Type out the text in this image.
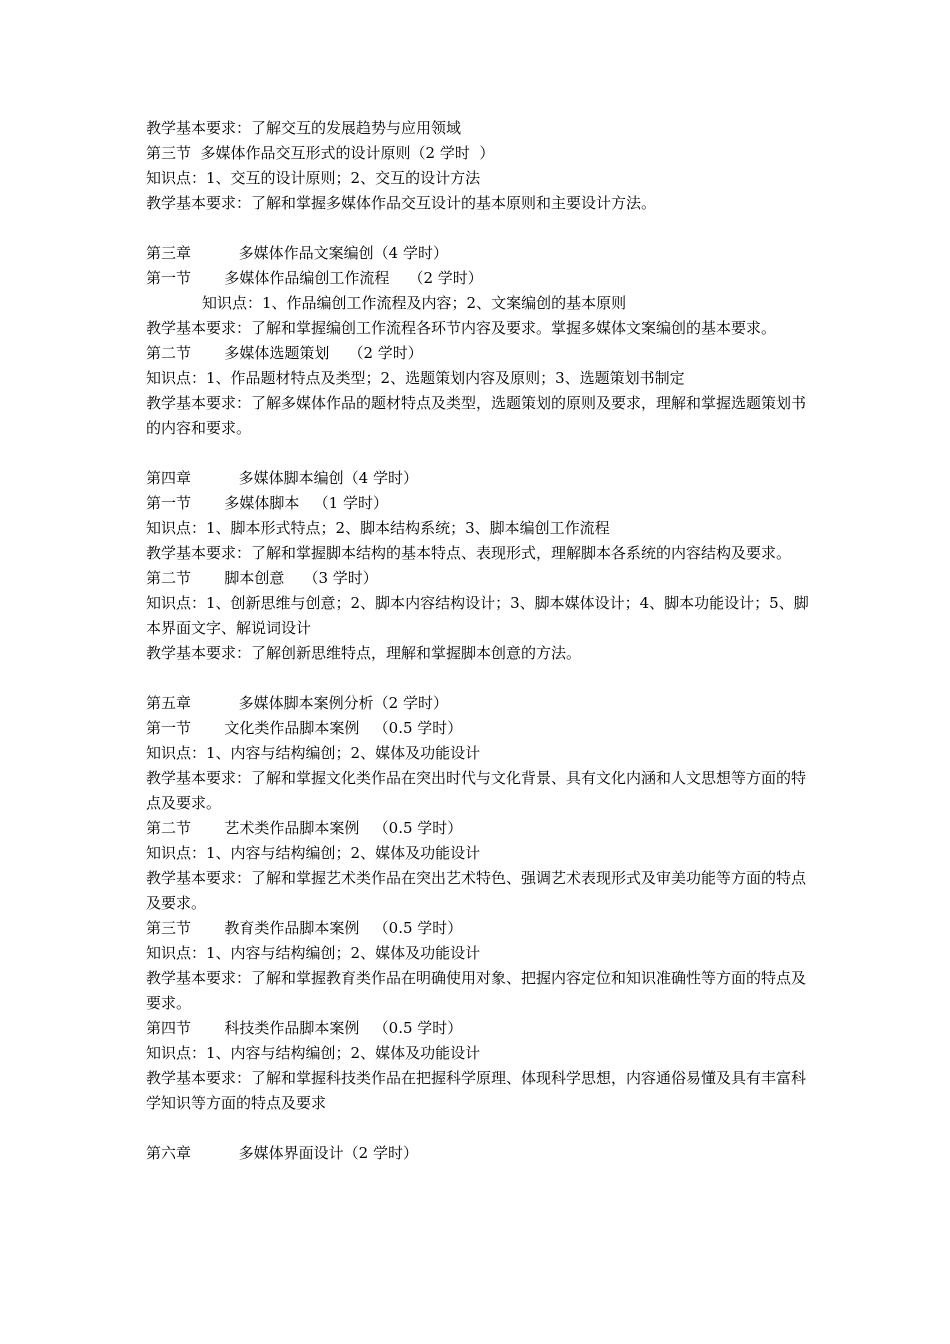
教学基本要求：了解交互的发展趋势与应用领域
第三节  多媒体作品交互形式的设计原则（2 学时  ）
知识点：1、交互的设计原则；2、交互的设计方法
教学基本要求：了解和掌握多媒体作品交互设计的基本原则和主要设计方法。
第三章          多媒体作品文案编创（4 学时）
第一节       多媒体作品编创工作流程    （2 学时）
知识点：1、作品编创工作流程及内容；2、文案编创的基本原则
教学基本要求：了解和掌握编创工作流程各环节内容及要求。掌握多媒体文案编创的基本要求。
第二节       多媒体选题策划    （2 学时）
知识点：1、作品题材特点及类型；2、选题策划内容及原则；3、选题策划书制定
教学基本要求：了解多媒体作品的题材特点及类型，选题策划的原则及要求，理解和掌握选题策划书的内容和要求。
第四章          多媒体脚本编创（4 学时）
第一节       多媒体脚本   （1 学时）
知识点：1、脚本形式特点；2、脚本结构系统；3、脚本编创工作流程
教学基本要求：了解和掌握脚本结构的基本特点、表现形式，理解脚本各系统的内容结构及要求。
第二节       脚本创意    （3 学时）
知识点：1、创新思维与创意；2、脚本内容结构设计；3、脚本媒体设计；4、脚本功能设计；5、脚本界面文字、解说词设计
教学基本要求：了解创新思维特点，理解和掌握脚本创意的方法。
第五章          多媒体脚本案例分析（2 学时）
第一节       文化类作品脚本案例   （0.5 学时）
知识点：1、内容与结构编创；2、媒体及功能设计
教学基本要求：了解和掌握文化类作品在突出时代与文化背景、具有文化内涵和人文思想等方面的特点及要求。
第二节       艺术类作品脚本案例   （0.5 学时）
知识点：1、内容与结构编创；2、媒体及功能设计
教学基本要求：了解和掌握艺术类作品在突出艺术特色、强调艺术表现形式及审美功能等方面的特点及要求。
第三节       教育类作品脚本案例   （0.5 学时）
知识点：1、内容与结构编创；2、媒体及功能设计
教学基本要求：了解和掌握教育类作品在明确使用对象、把握内容定位和知识准确性等方面的特点及要求。
第四节       科技类作品脚本案例   （0.5 学时）
知识点：1、内容与结构编创；2、媒体及功能设计
教学基本要求：了解和掌握科技类作品在把握科学原理、体现科学思想，内容通俗易懂及具有丰富科学知识等方面的特点及要求
第六章          多媒体界面设计（2 学时）
